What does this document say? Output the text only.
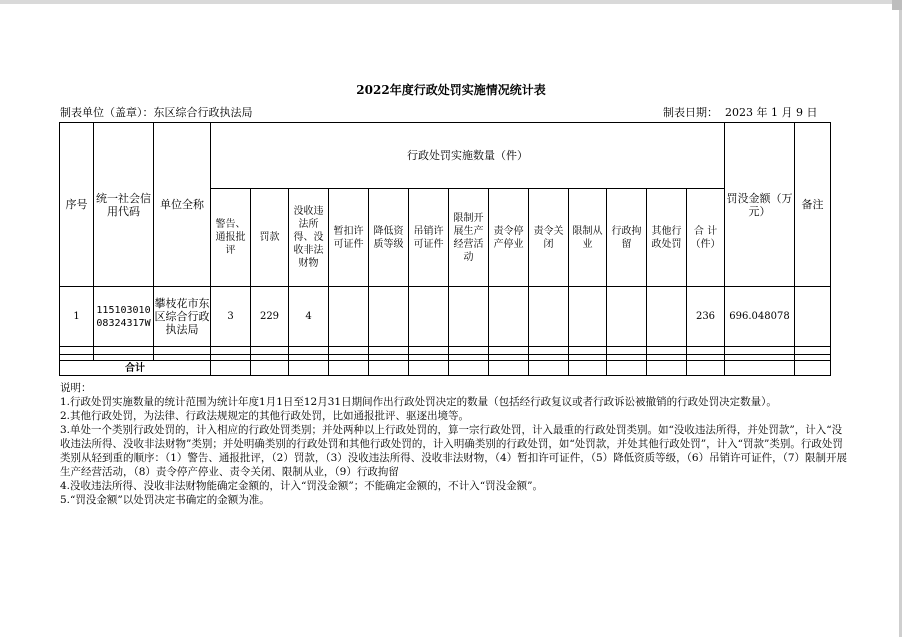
2022年度行政处罚实施情况统计表
制表单位（盖章）：东区综合行政执法局	制表日期：  2023 年 1 月 9 日
序号	统一社会信用代码	单位全称	行政处罚实施数量（件）													罚没金额（万元）	备注
			警告、通报批评	罚款	没收违法所得、没收非法财物	暂扣许可证件	降低资质等级	吊销许可证件	限制开展生产经营活动	责令停产停业	责令关闭	限制从业	行政拘留	其他行政处罚	合 计（件）		
1	11510301008324317W	攀枝花市东区综合行政执法局	3	229	4										236	696.048078	

合计																	
说明：
1.行政处罚实施数量的统计范围为统计年度1月1日至12月31日期间作出行政处罚决定的数量（包括经行政复议或者行政诉讼被撤销的行政处罚决定数量）。
2.其他行政处罚，为法律、行政法规规定的其他行政处罚，比如通报批评、驱逐出境等。
3.单处一个类别行政处罚的，计入相应的行政处罚类别；并处两种以上行政处罚的，算一宗行政处罚，计入最重的行政处罚类别。如“没收违法所得，并处罚款”，计入“没收违法所得、没收非法财物”类别；并处明确类别的行政处罚和其他行政处罚的，计入明确类别的行政处罚，如“处罚款，并处其他行政处罚”，计入“罚款”类别。行政处罚类别从轻到重的顺序：（1）警告、通报批评，（2）罚款，（3）没收违法所得、没收非法财物，（4）暂扣许可证件，（5）降低资质等级，（6）吊销许可证件，（7）限制开展生产经营活动，（8）责令停产停业、责令关闭、限制从业，（9）行政拘留
4.没收违法所得、没收非法财物能确定金额的，计入“罚没金额”；不能确定金额的，不计入“罚没金额”。
5.“罚没金额”以处罚决定书确定的金额为准。
